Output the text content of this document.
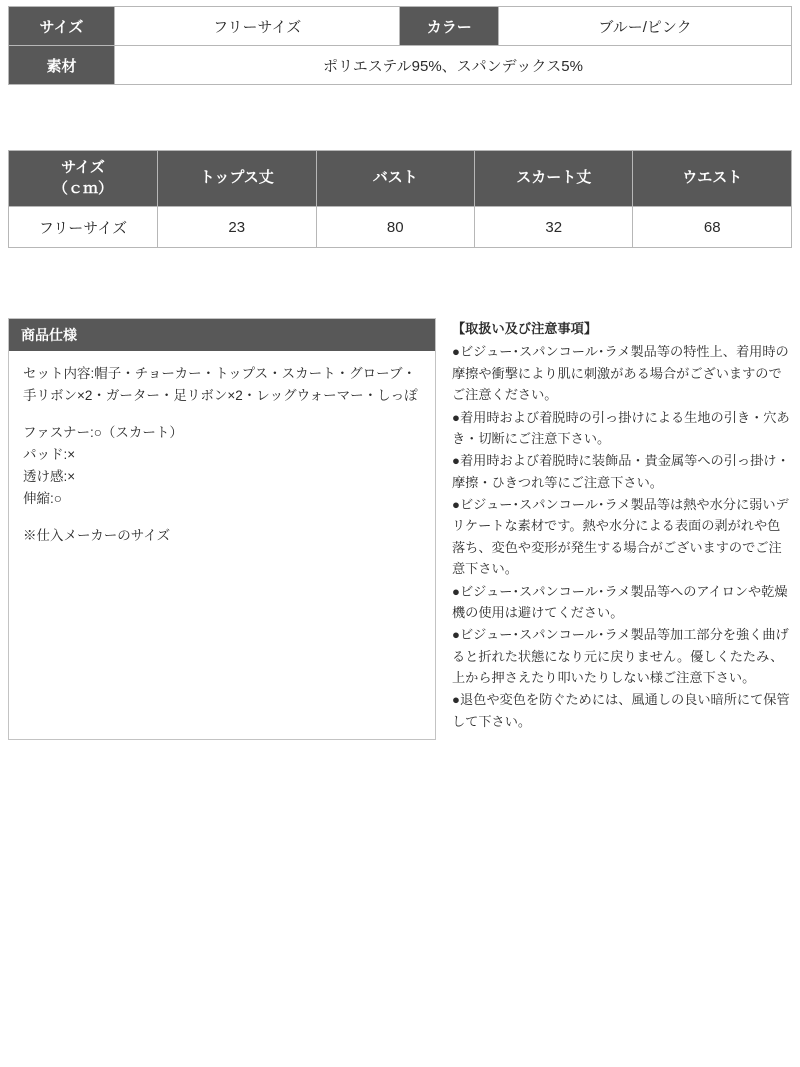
サイズ	フリーサイズ	カラー	ブルー/ピンク
素材	ポリエステル95%、スパンデックス5%		
サイズ
（ｃｍ）	トップス丈	バスト	スカート丈	ウエスト
フリーサイズ	23	80	32	68
商品仕様

セット内容:帽子・チョーカー・トップス・スカート・グローブ・手リボン×2・ガーター・足リボン×2・レッグウォーマー・しっぽ

ファスナー:○（スカート）

パッド:×

透け感:×

伸縮:○

※仕入メーカーのサイズ

【取扱い及び注意事項】
●ビジュー･スパンコール･ラメ製品等の特性上、着用時の摩擦や衝撃により肌に刺激がある場合がございますのでご注意ください。
●着用時および着脱時の引っ掛けによる生地の引き・穴あき・切断にご注意下さい。
●着用時および着脱時に装飾品・貴金属等への引っ掛け・摩擦・ひきつれ等にご注意下さい。
●ビジュー･スパンコール･ラメ製品等は熱や水分に弱いデリケートな素材です。熱や水分による表面の剥がれや色落ち、変色や変形が発生する場合がございますのでご注意下さい。
●ビジュー･スパンコール･ラメ製品等へのアイロンや乾燥機の使用は避けてください。
●ビジュー･スパンコール･ラメ製品等加工部分を強く曲げると折れた状態になり元に戻りません。優しくたたみ、上から押さえたり叩いたりしない様ご注意下さい。
●退色や変色を防ぐためには、風通しの良い暗所にて保管して下さい。
